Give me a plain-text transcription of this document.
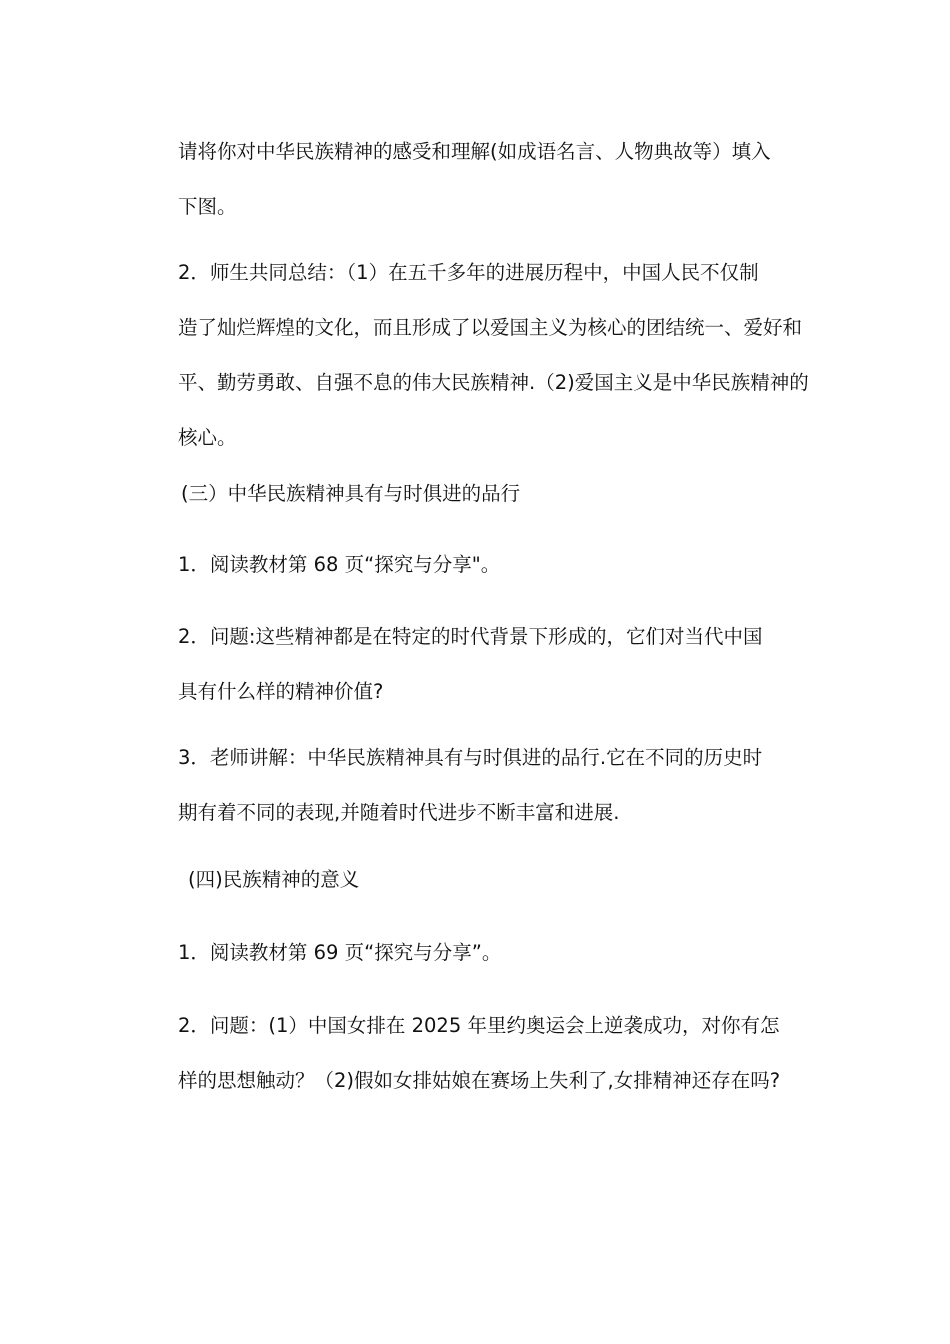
请将你对中华民族精神的感受和理解(如成语名言、人物典故等）填入
下图。

2．师生共同总结：（1）在五千多年的进展历程中，中国人民不仅制
造了灿烂辉煌的文化，而且形成了以爱国主义为核心的团结统一、爱好和
平、勤劳勇敢、自强不息的伟大民族精神.（2)爱国主义是中华民族精神的
核心。

(三）中华民族精神具有与时俱进的品行

1．阅读教材第 68 页“探究与分享"。

2．问题:这些精神都是在特定的时代背景下形成的，它们对当代中国
具有什么样的精神价值?

3．老师讲解：中华民族精神具有与时俱进的品行.它在不同的历史时
期有着不同的表现,并随着时代进步不断丰富和进展.

(四)民族精神的意义

1．阅读教材第 69 页“探究与分享”。

2．问题：(1）中国女排在 2025 年里约奥运会上逆袭成功，对你有怎
样的思想触动？（2)假如女排姑娘在赛场上失利了,女排精神还存在吗?
